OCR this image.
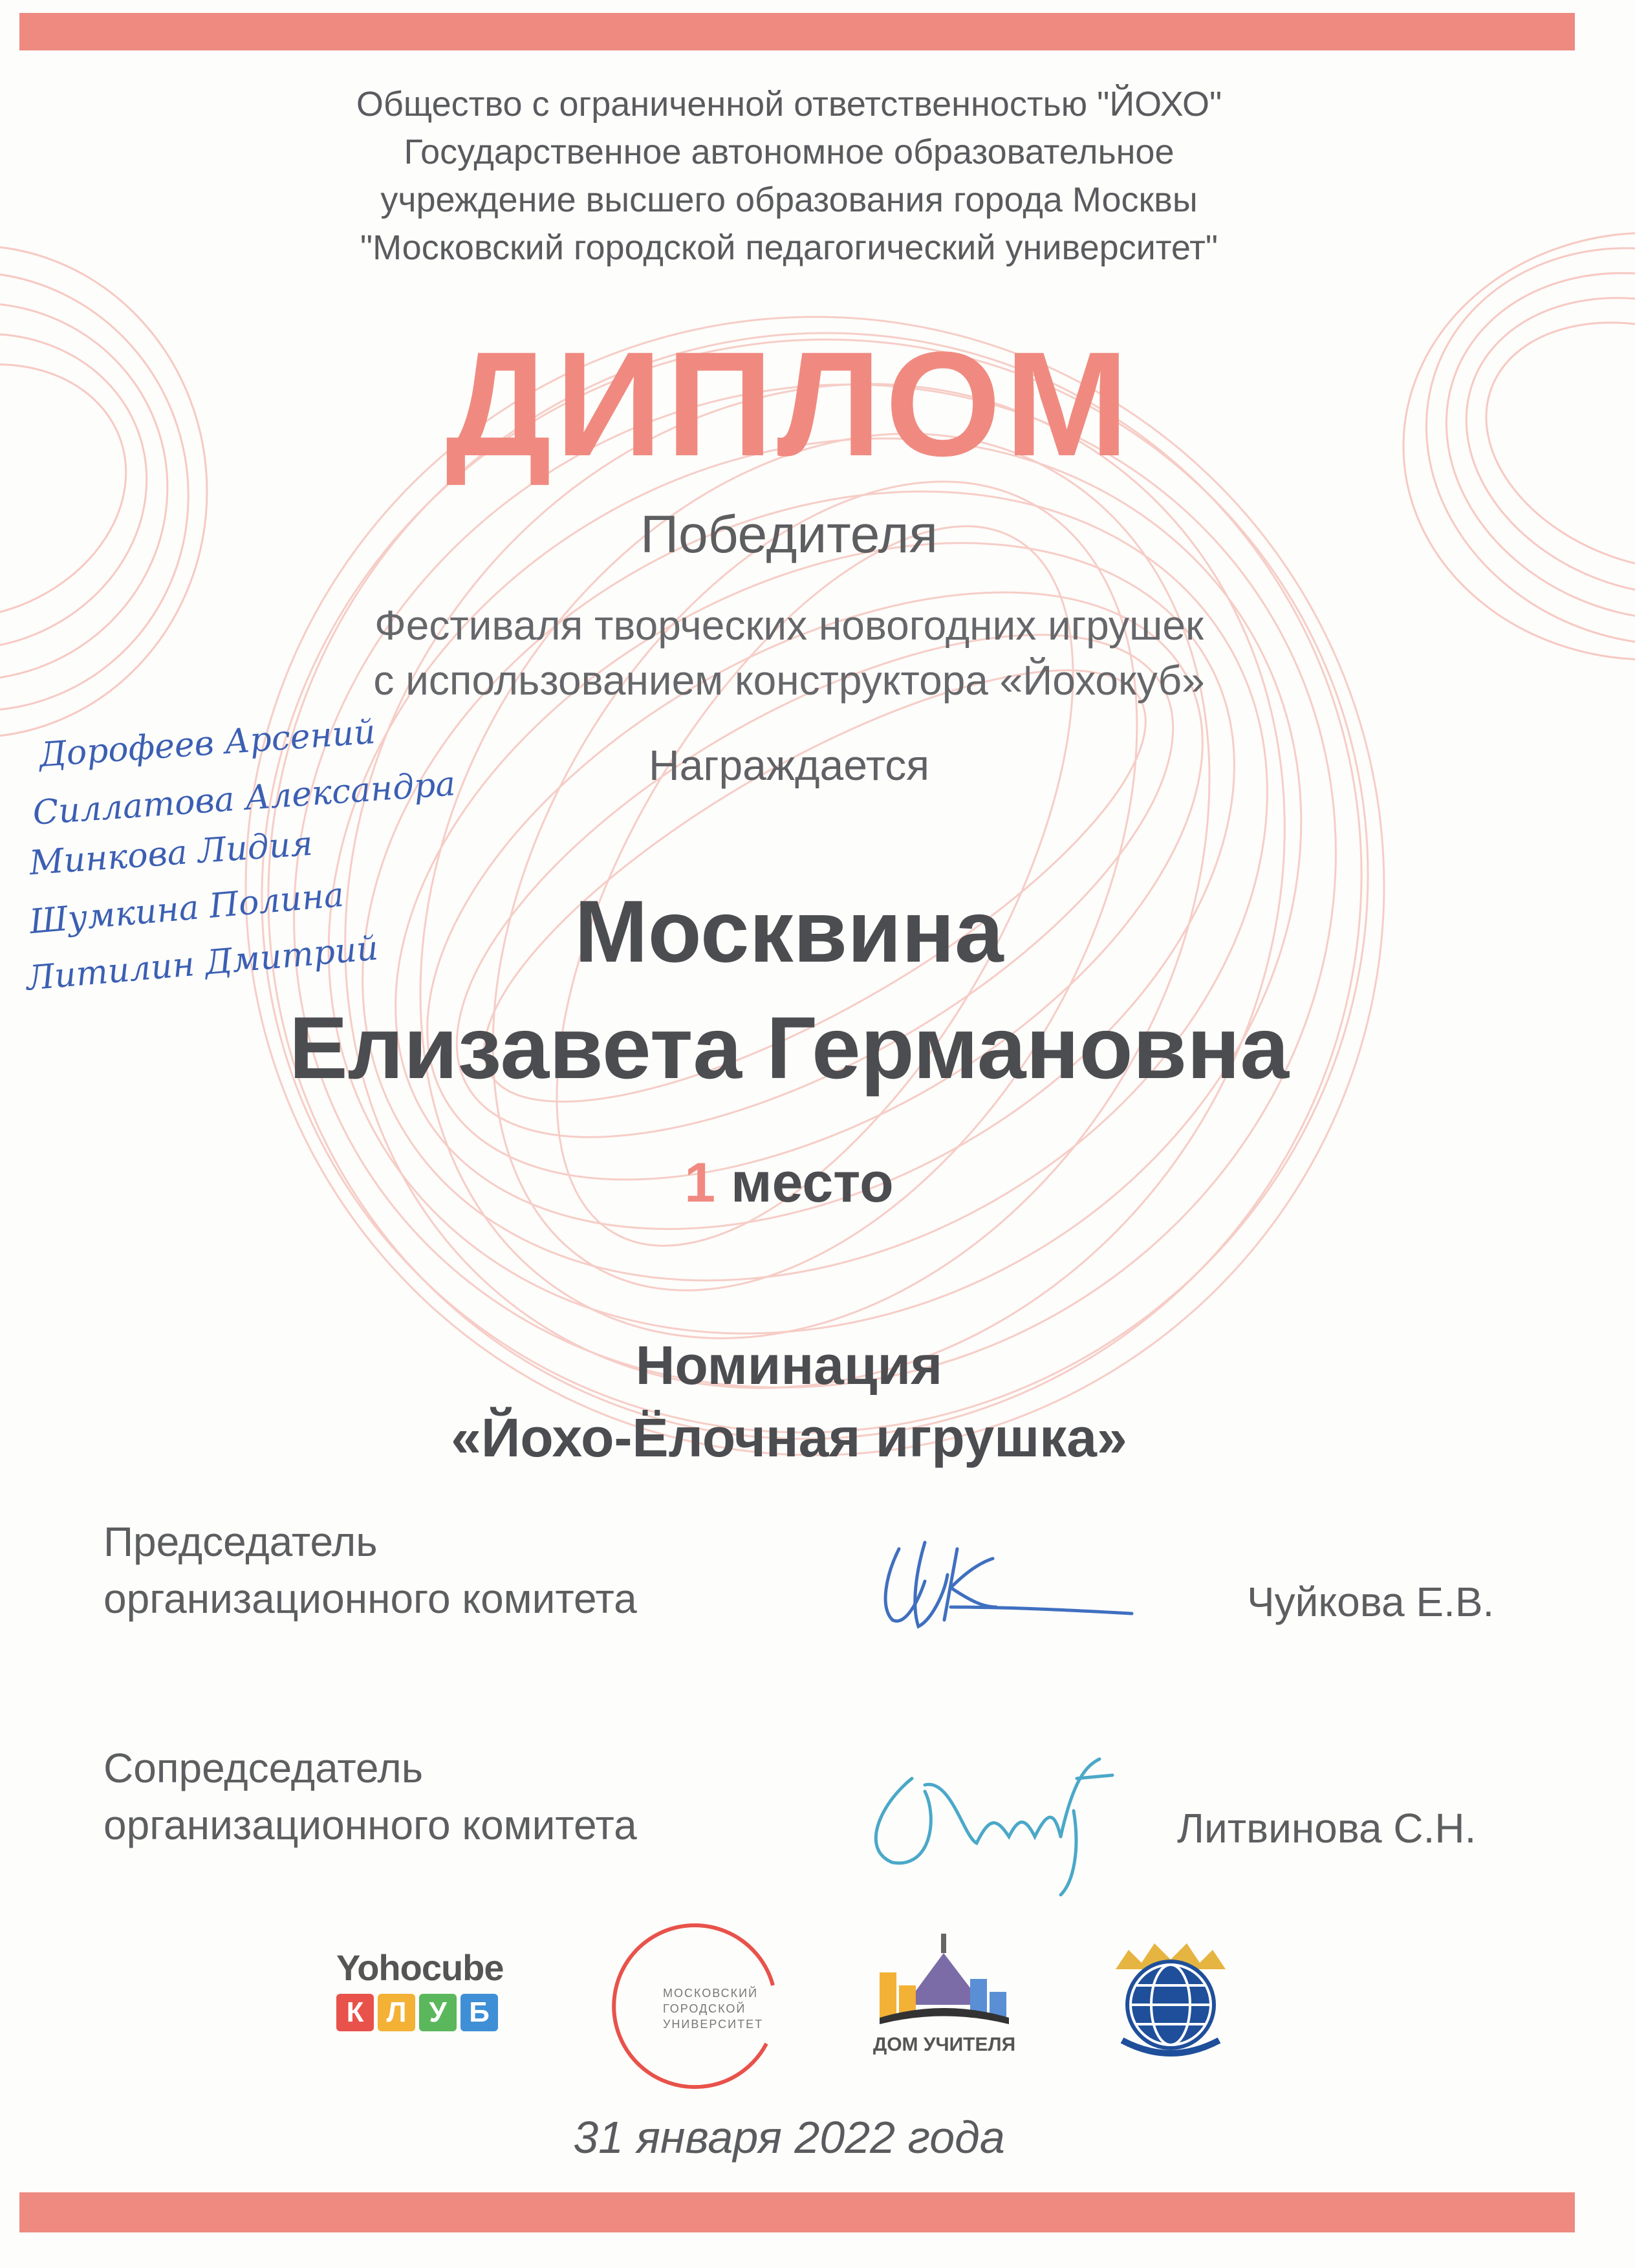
Общество с ограниченной ответственностью "ЙОХО"
Государственное автономное образовательное
учреждение высшего образования города Москвы
"Московский городской педагогический университет"
ДИПЛОМ
Победителя
Фестиваля творческих новогодних игрушек
с использованием конструктора «Йохокуб»
Награждается
Дорофеев Арсений
Силлатова Александра
Минкова Лидия
Шумкина Полина
Литилин Дмитрий	Москвина
Елизавета Германовна
1 место
Номинация
«Йохо-Ёлочная игрушка»
Председатель
организационного комитета	Чуйкова Е.В.
Сопредседатель
организационного комитета	Литвинова С.Н.
Yohocube
К Л У Б
МОСКОВСКИЙ
ГОРОДСКОЙ
УНИВЕРСИТЕТ
ДОМ УЧИТЕЛЯ
31 января 2022 года
